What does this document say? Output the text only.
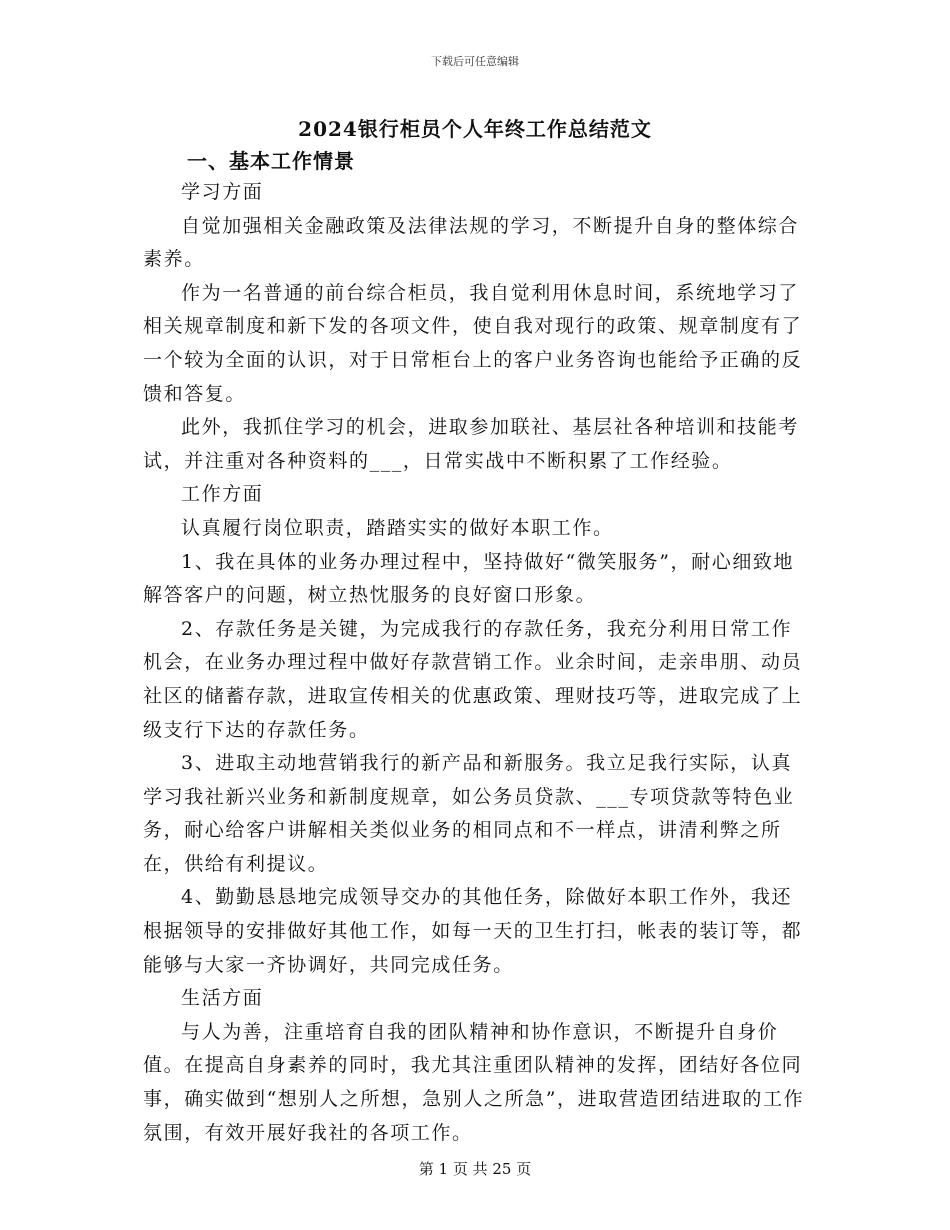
下载后可任意编辑
2024银行柜员个人年终工作总结范文
一、基本工作情景

学习方面

自觉加强相关金融政策及法律法规的学习，不断提升自身的整体综合素养。

作为一名普通的前台综合柜员，我自觉利用休息时间，系统地学习了相关规章制度和新下发的各项文件，使自我对现行的政策、规章制度有了一个较为全面的认识，对于日常柜台上的客户业务咨询也能给予正确的反馈和答复。

此外，我抓住学习的机会，进取参加联社、基层社各种培训和技能考试，并注重对各种资料的___，日常实战中不断积累了工作经验。

工作方面

认真履行岗位职责，踏踏实实的做好本职工作。

1、我在具体的业务办理过程中，坚持做好“微笑服务”，耐心细致地解答客户的问题，树立热忱服务的良好窗口形象。

2、存款任务是关键，为完成我行的存款任务，我充分利用日常工作机会，在业务办理过程中做好存款营销工作。业余时间，走亲串朋、动员社区的储蓄存款，进取宣传相关的优惠政策、理财技巧等，进取完成了上级支行下达的存款任务。

3、进取主动地营销我行的新产品和新服务。我立足我行实际，认真学习我社新兴业务和新制度规章，如公务员贷款、___专项贷款等特色业务，耐心给客户讲解相关类似业务的相同点和不一样点，讲清利弊之所在，供给有利提议。

4、勤勤恳恳地完成领导交办的其他任务，除做好本职工作外，我还根据领导的安排做好其他工作，如每一天的卫生打扫，帐表的装订等，都能够与大家一齐协调好，共同完成任务。

生活方面

与人为善，注重培育自我的团队精神和协作意识，不断提升自身价值。在提高自身素养的同时，我尤其注重团队精神的发挥，团结好各位同事，确实做到“想别人之所想，急别人之所急”，进取营造团结进取的工作氛围，有效开展好我社的各项工作。

第 1 页 共 25 页
